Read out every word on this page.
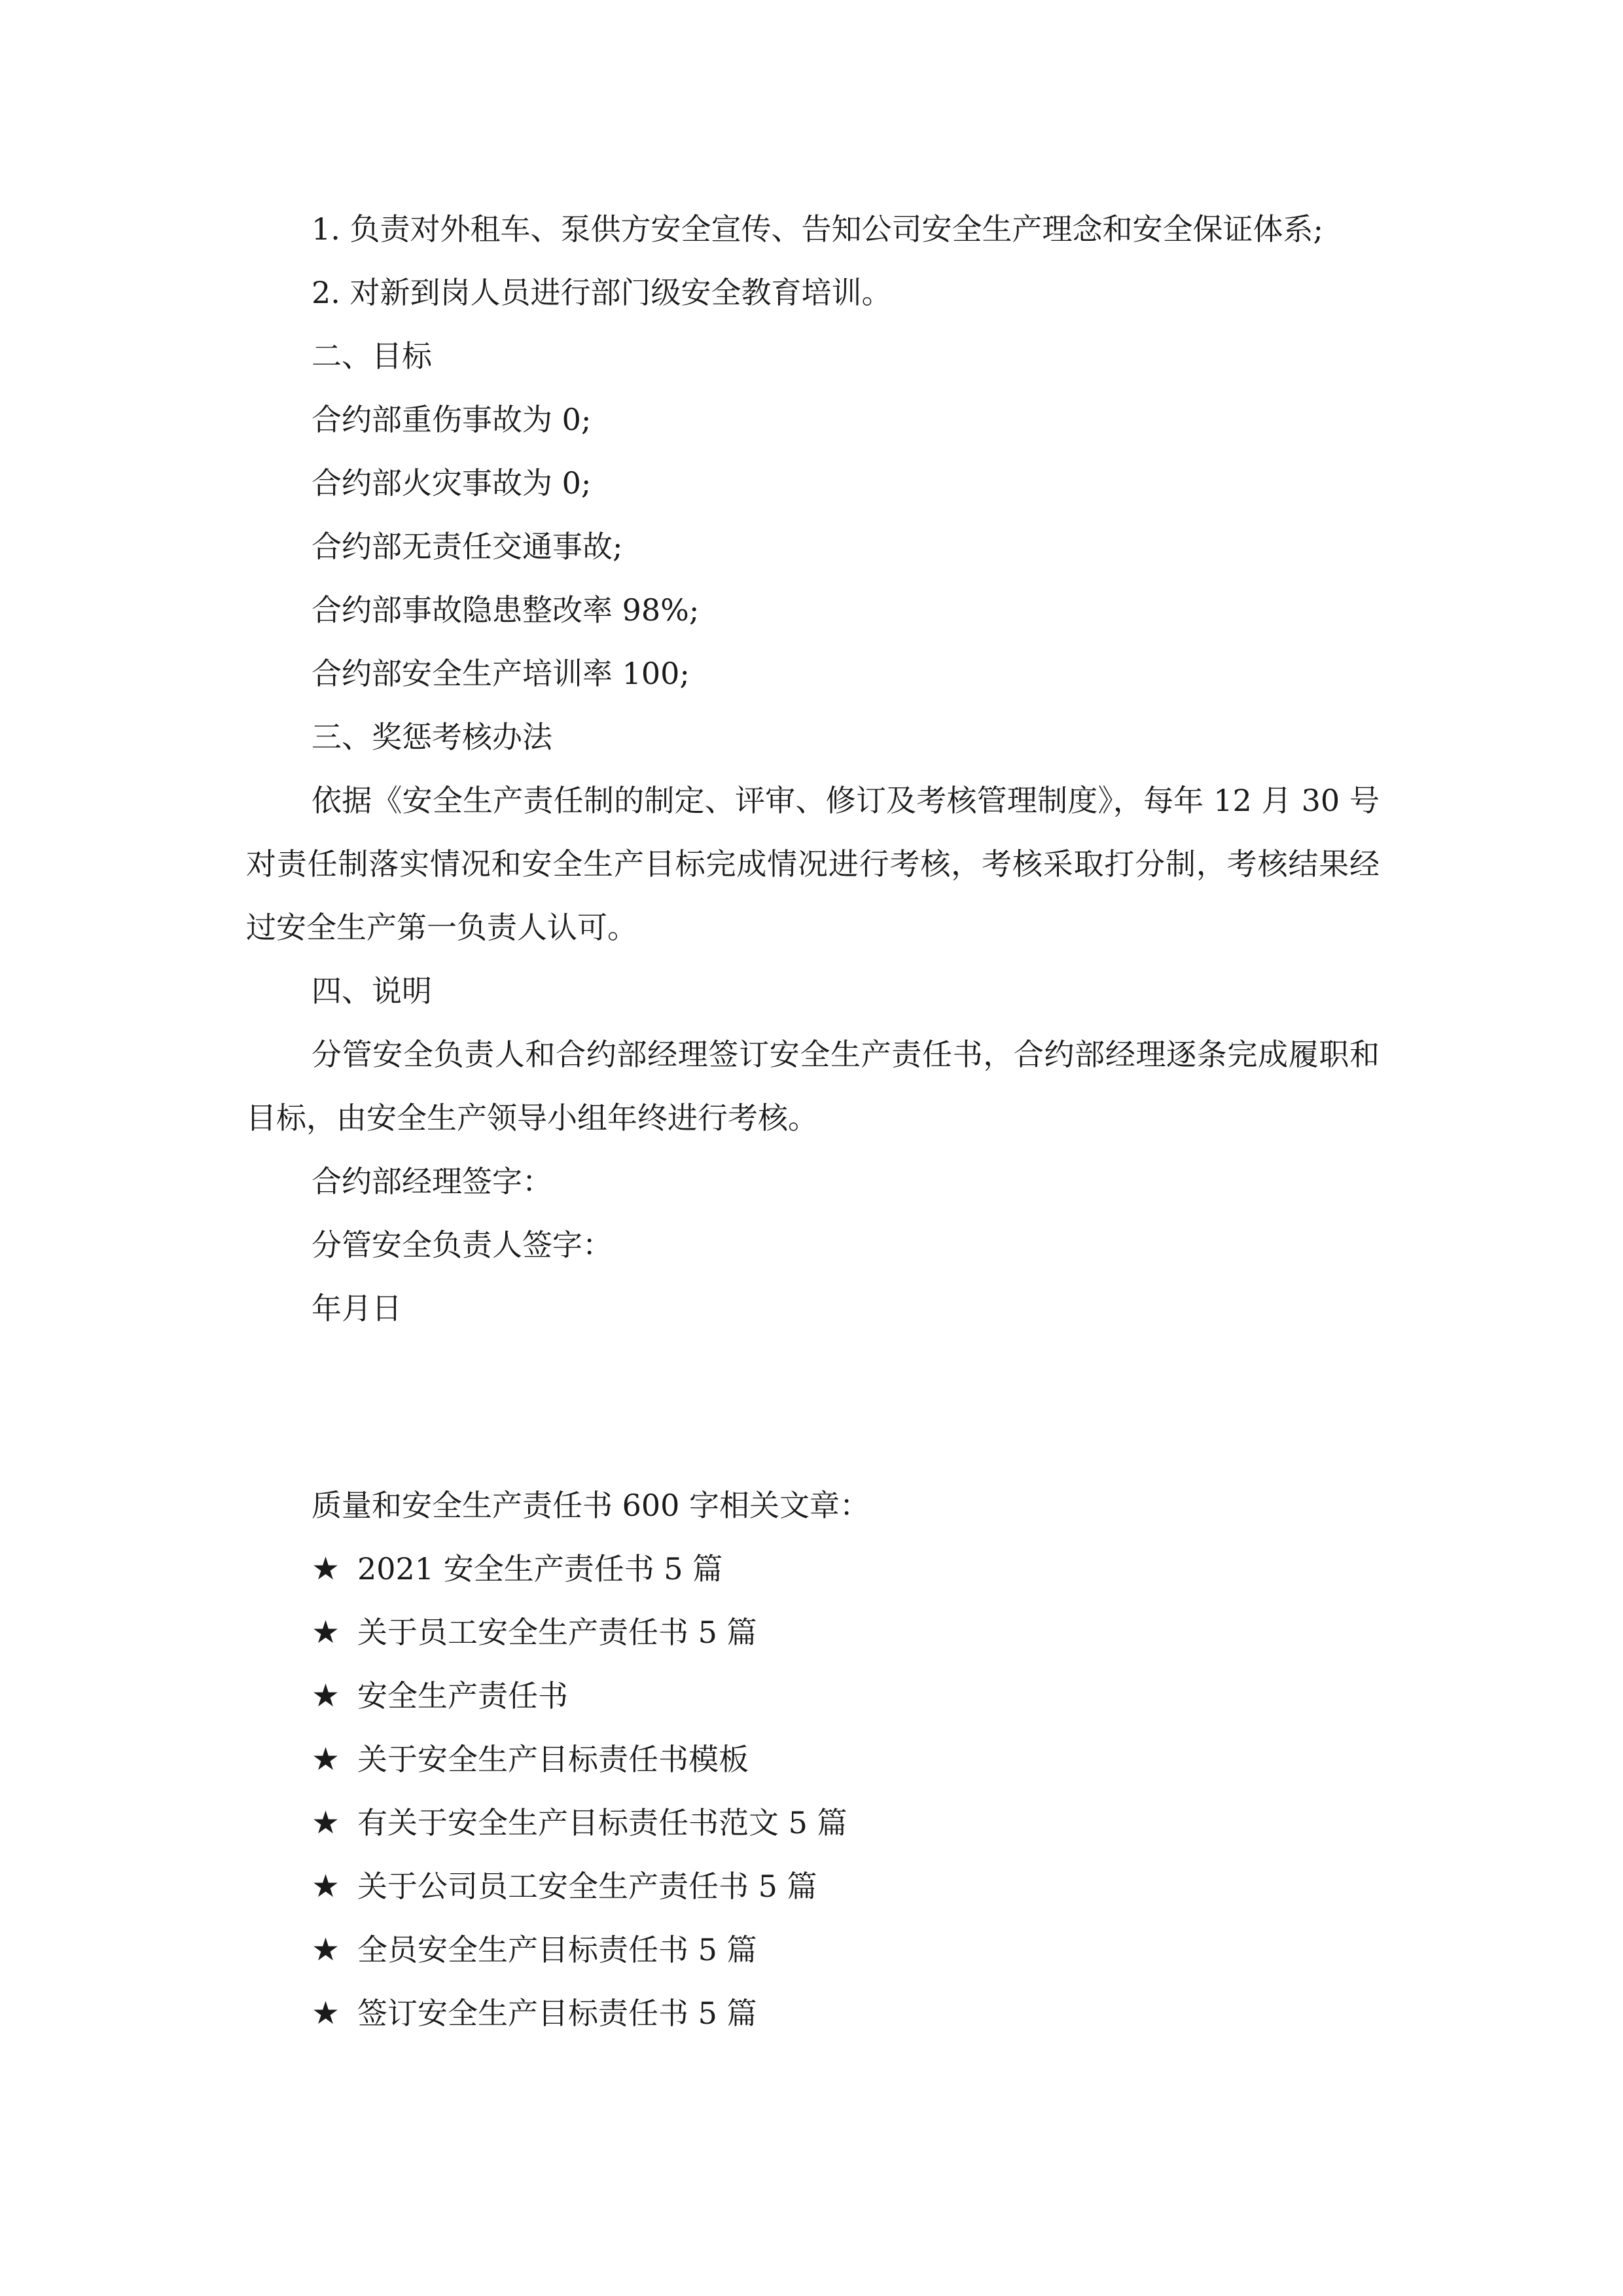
1. 负责对外租车、泵供方安全宣传、告知公司安全生产理念和安全保证体系;
2. 对新到岗人员进行部门级安全教育培训。
二、目标
合约部重伤事故为 0;
合约部火灾事故为 0;
合约部无责任交通事故;
合约部事故隐患整改率 98%;
合约部安全生产培训率 100;
三、奖惩考核办法
依据《安全生产责任制的制定、评审、修订及考核管理制度》，每年 12 月 30 号对责任制落实情况和安全生产目标完成情况进行考核，考核采取打分制，考核结果经过安全生产第一负责人认可。
四、说明
分管安全负责人和合约部经理签订安全生产责任书，合约部经理逐条完成履职和目标，由安全生产领导小组年终进行考核。
合约部经理签字：
分管安全负责人签字：
年月日
质量和安全生产责任书 600 字相关文章：
★ 2021 安全生产责任书 5 篇
★ 关于员工安全生产责任书 5 篇
★ 安全生产责任书
★ 关于安全生产目标责任书模板
★ 有关于安全生产目标责任书范文 5 篇
★ 关于公司员工安全生产责任书 5 篇
★ 全员安全生产目标责任书 5 篇
★ 签订安全生产目标责任书 5 篇
